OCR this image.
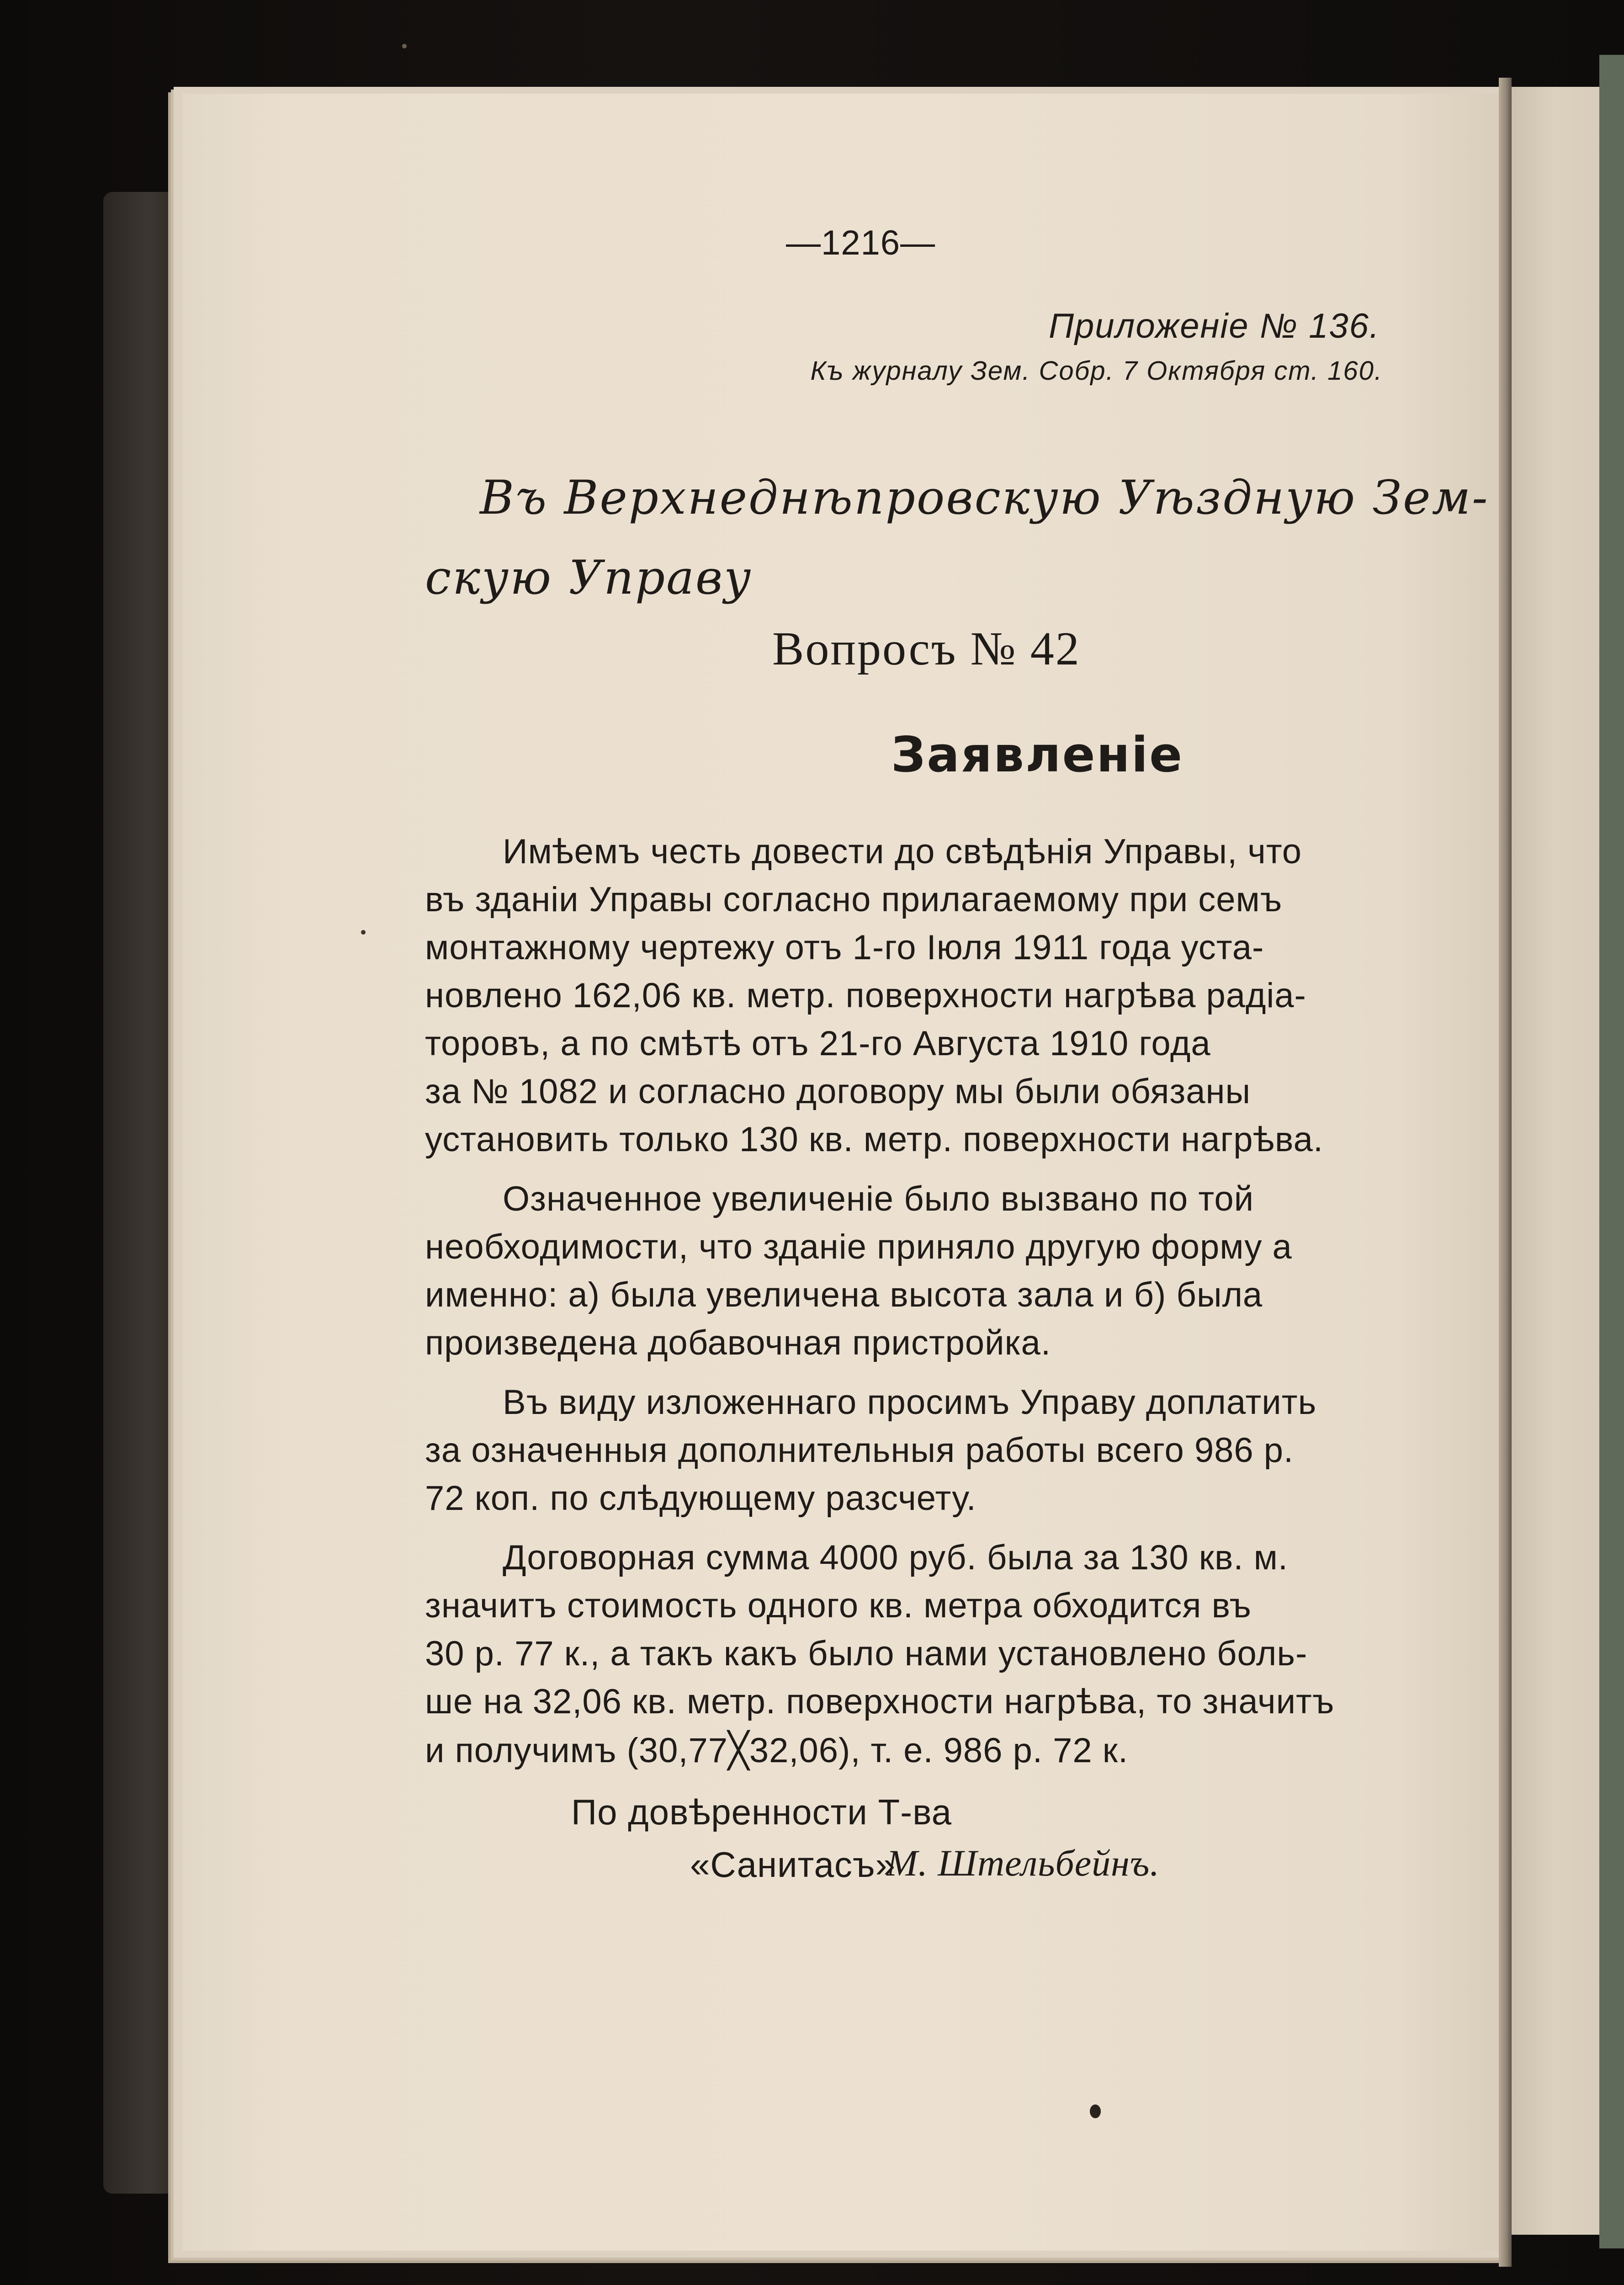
—1216—
Приложенiе № 136.
Къ журналу Зем. Собр. 7 Октября ст. 160.
Въ Верхнеднѣпровскую Уѣздную Зем-
скую Управу
Вопросъ № 42
Заявленiе
Имѣемъ честь довести до свѣдѣнiя Управы, что
въ зданiи Управы согласно прилагаемому при семъ
монтажному чертежу отъ 1-го Iюля 1911 года уста-
новлено 162,06 кв. метр. поверхности нагрѣва радiа-
торовъ, а по смѣтѣ отъ 21-го Августа 1910 года
за № 1082 и согласно договору мы были обязаны
установить только 130 кв. метр. поверхности нагрѣва.
Означенное увеличенiе было вызвано по той
необходимости, что зданiе приняло другую форму а
именно: а) была увеличена высота зала и б) была
произведена добавочная пристройка.
Въ виду изложеннаго просимъ Управу доплатить
за означенныя дополнительныя работы всего 986 р.
72 коп. по слѣдующему разсчету.
Договорная сумма 4000 руб. была за 130 кв. м.
значитъ стоимость одного кв. метра обходится въ
30 р. 77 к., а такъ какъ было нами установлено боль-
ше на 32,06 кв. метр. поверхности нагрѣва, то значитъ
и получимъ (30,77╳32,06), т. е. 986 р. 72 к.
По довѣренности Т-ва
«Санитасъ»
М. Штельбейнъ.
